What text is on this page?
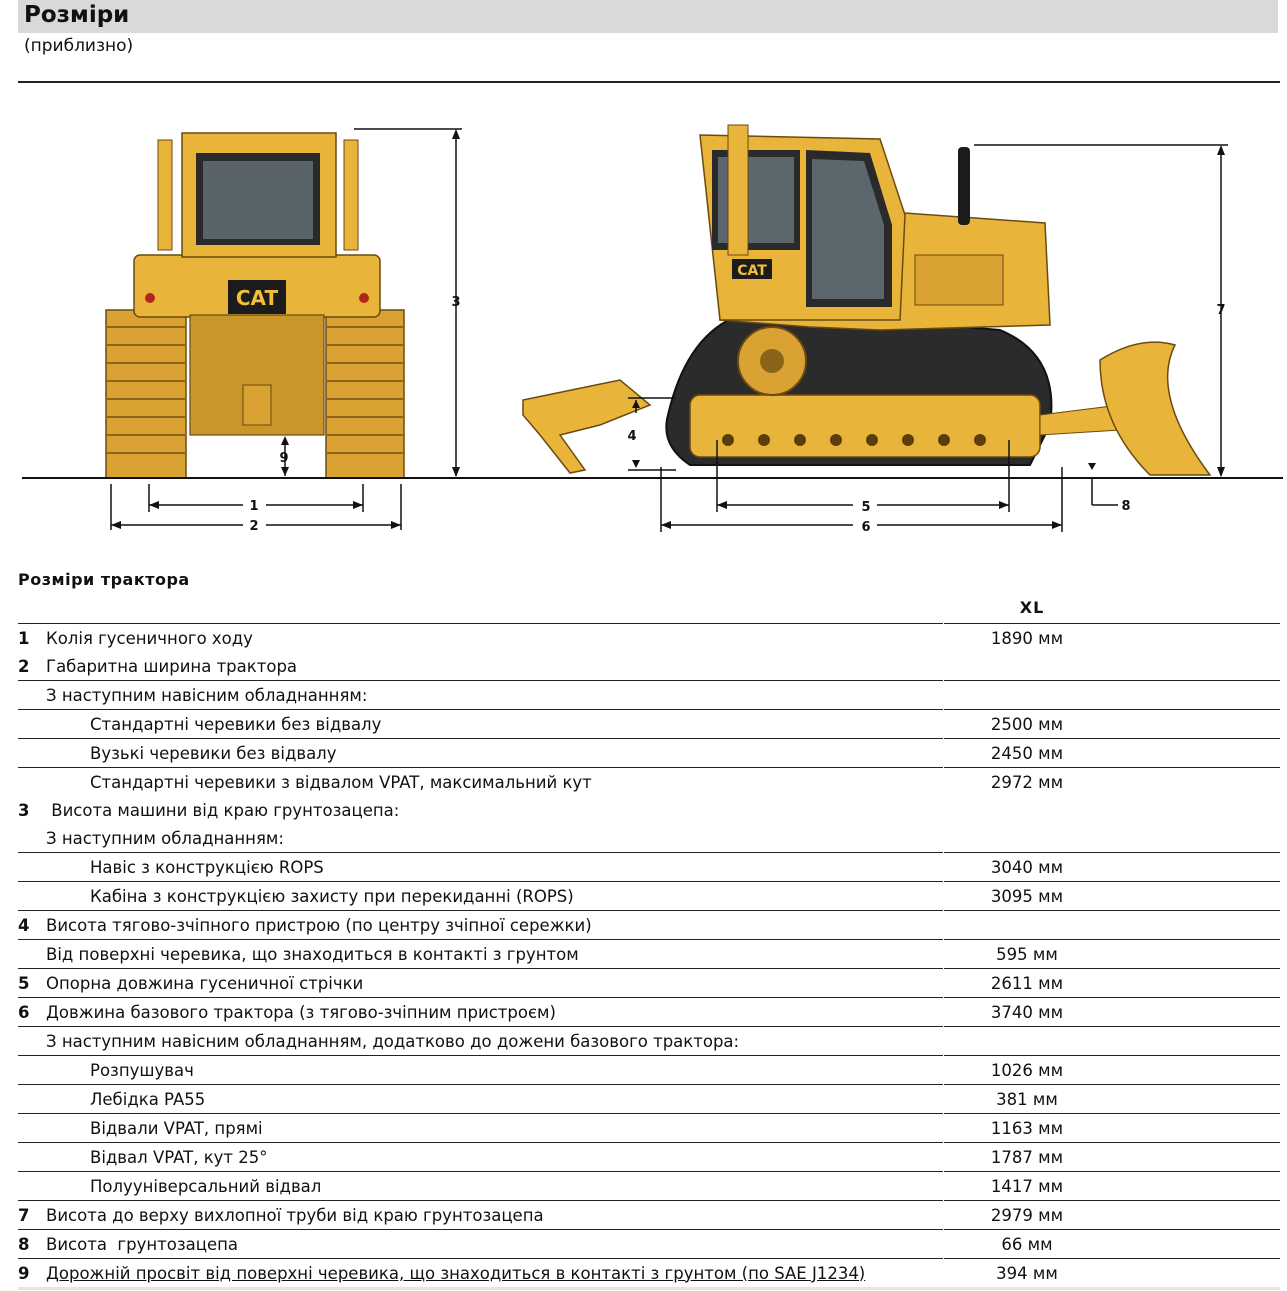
Розміри
(приблизно)
CAT	3
9
1
2
CAT
7
4
8
5
6
Розміри трактора
XL
1	Колія гусеничного ходу	1890 мм
2	Габаритна ширина трактора	
	З наступним навісним обладнанням:	
	Стандартні черевики без відвалу	2500 мм
	Вузькі черевики без відвалу	2450 мм
	Стандартні черевики з відвалом VPAT, максимальний кут	2972 мм
3	Висота машини від краю грунтозацепа:	
	З наступним обладнанням:	
	Навіс з конструкцією ROPS	3040 мм
	Кабіна з конструкцією захисту при перекиданні (ROPS)	3095 мм
4	Висота тягово-зчіпного пристрою (по центру зчіпної сережки)	
	Від поверхні черевика, що знаходиться в контакті з грунтом	595 мм
5	Опорна довжина гусеничної стрічки	2611 мм
6	Довжина базового трактора (з тягово-зчіпним пристроєм)	3740 мм
	З наступним навісним обладнанням, додатково до дожени базового трактора:	
	Розпушувач	1026 мм
	Лебідка PA55	381 мм
	Відвали VPAT, прямі	1163 мм
	Відвал VPAT, кут 25°	1787 мм
	Полууніверсальний відвал	1417 мм
7	Висота до верху вихлопної труби від краю грунтозацепа	2979 мм
8	Висота  грунтозацепа	66 мм
9	Дорожній просвіт від поверхні черевика, що знаходиться в контакті з грунтом (по SAE J1234)	394 мм
